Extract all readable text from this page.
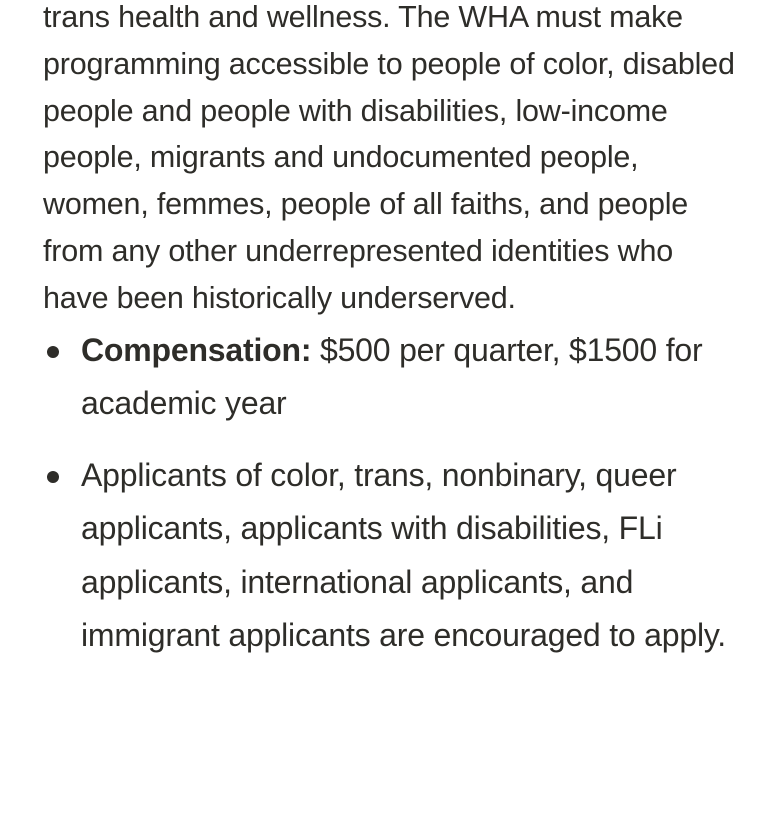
trans health and wellness. The WHA must make programming accessible to people of color, disabled people and people with disabilities, low-income people, migrants and undocumented people, women, femmes, people of all faiths, and people from any other underrepresented identities who have been historically underserved.

Compensation: $500 per quarter, $1500 for academic year
Applicants of color, trans, nonbinary, queer applicants, applicants with disabilities, FLi applicants, international applicants, and immigrant applicants are encouraged to apply.
